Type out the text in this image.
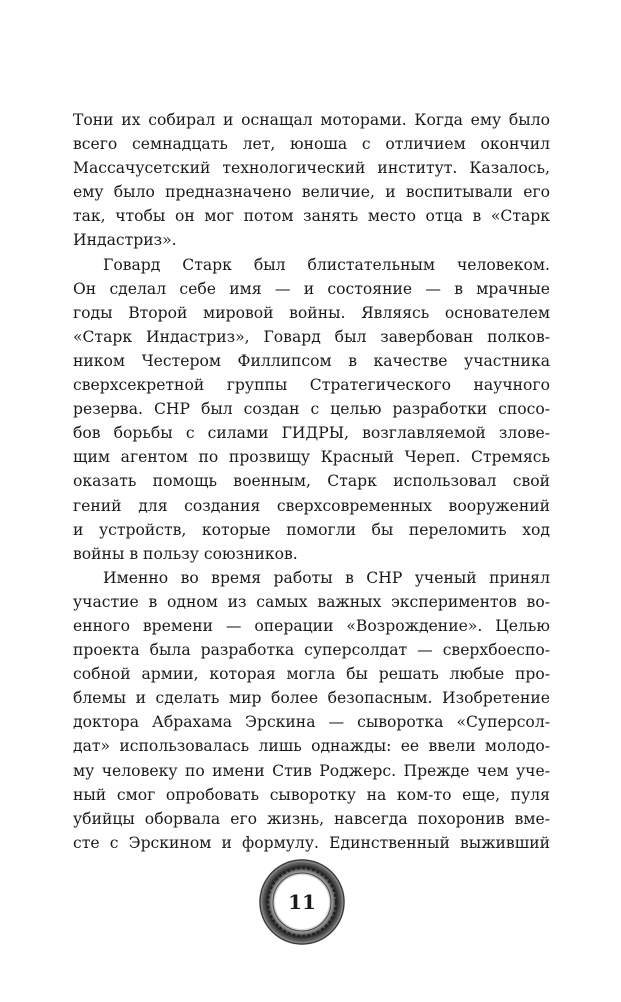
Тони их собирал и оснащал моторами. Когда ему было
всего семнадцать лет, юноша с отличием окончил
Массачусетский технологический институт. Казалось,
ему было предназначено величие, и воспитывали его
так, чтобы он мог потом занять место отца в «Старк
Индастриз».
Говард Старк был блистательным человеком.
Он сделал себе имя — и состояние — в мрачные
годы Второй мировой войны. Являясь основателем
«Старк Индастриз», Говард был завербован полков-
ником Честером Филлипсом в качестве участника
сверхсекретной группы Стратегического научного
резерва. СНР был создан с целью разработки спосо-
бов борьбы с силами ГИДРЫ, возглавляемой зловe-
щим агентом по прозвищу Красный Череп. Стремясь
оказать помощь военным, Старк использовал свой
гений для создания сверхсовременных вооружений
и устройств, которые помогли бы переломить ход
войны в пользу союзников.
Именно во время работы в СНР ученый принял
участие в одном из самых важных экспериментов во-
енного времени — операции «Возрождение». Целью
проекта была разработка суперсолдат — сверхбоеспо-
собной армии, которая могла бы решать любые про-
блемы и сделать мир более безопасным. Изобретение
доктора Абрахама Эрскина — сыворотка «Суперсол-
дат» использовалась лишь однажды: ее ввели молодо-
му человеку по имени Стив Роджерс. Прежде чем уче-
ный смог опробовать сыворотку на ком-то еще, пуля
убийцы оборвала его жизнь, навсегда похоронив вме-
сте с Эрскином и формулу. Единственный выживший
11
